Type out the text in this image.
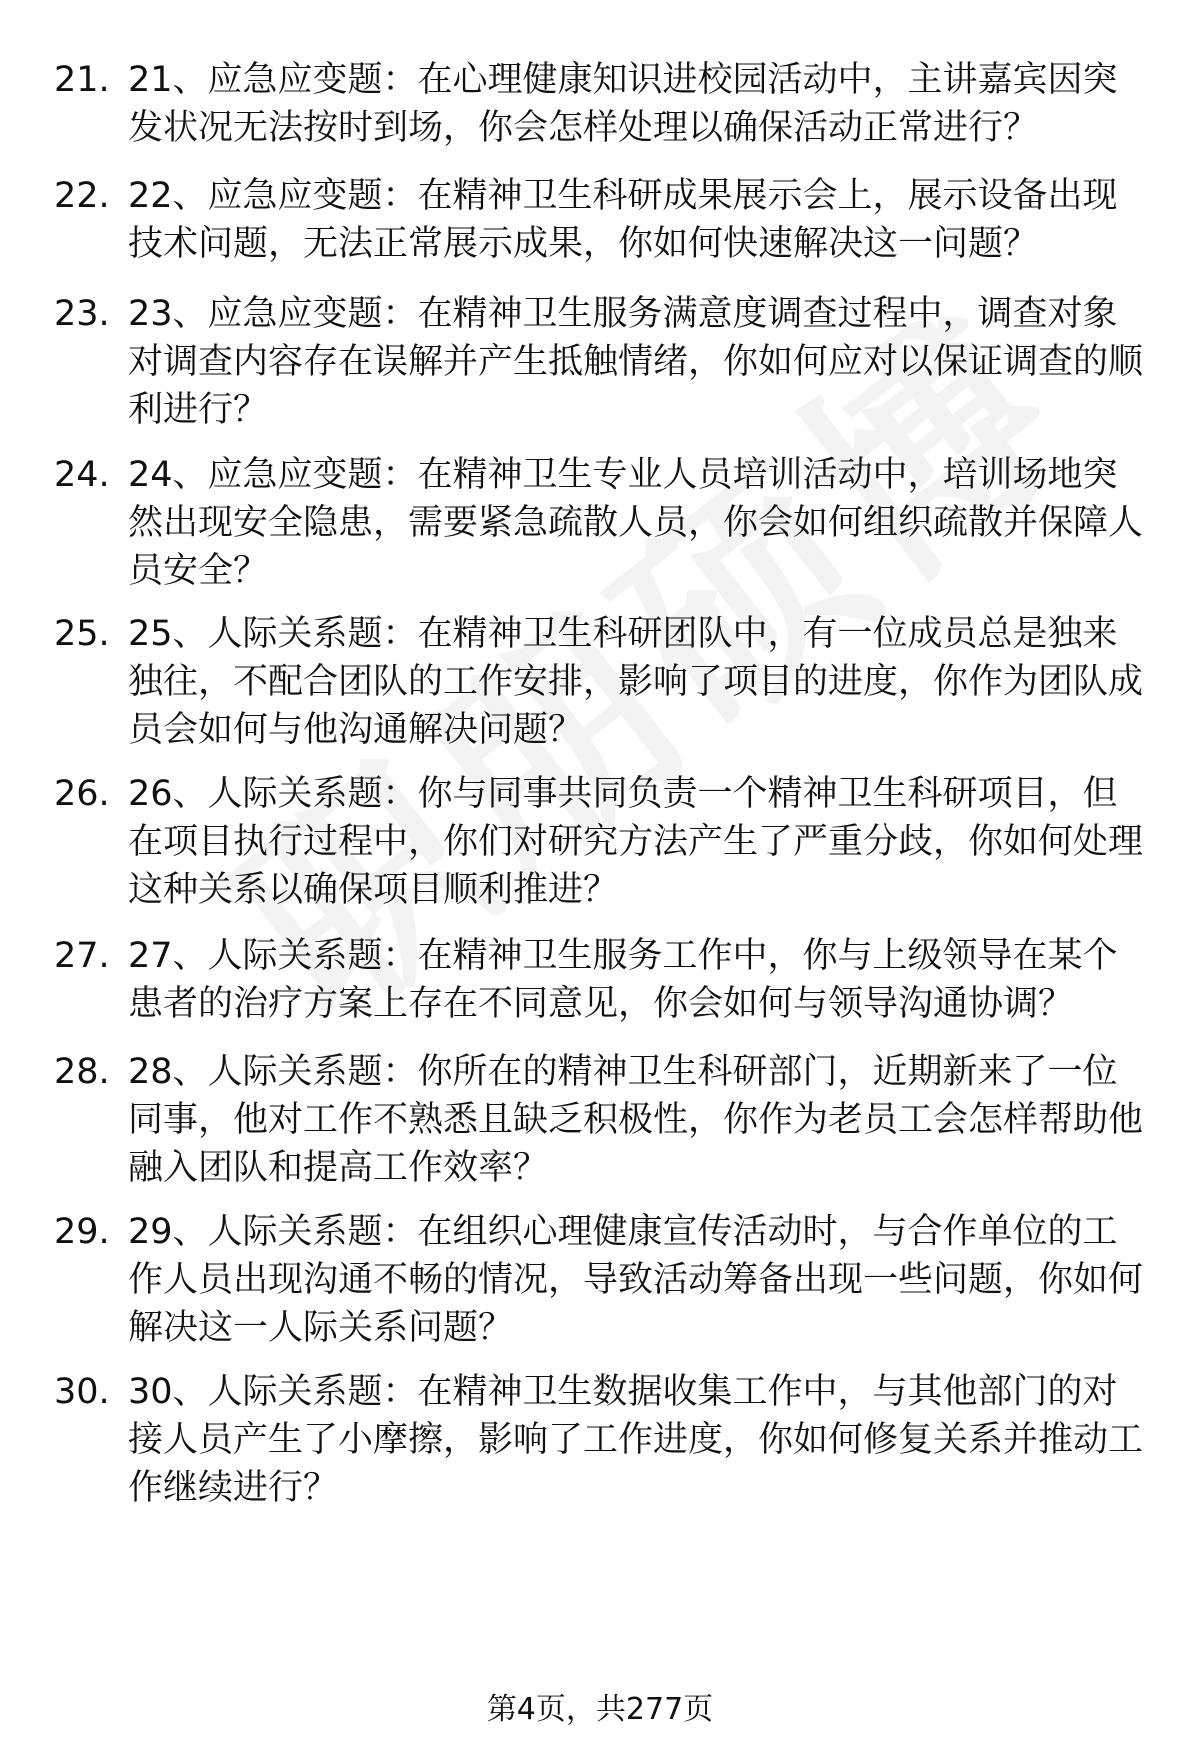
21. 21、应急应变题：在心理健康知识进校园活动中，主讲嘉宾因突发状况无法按时到场，你会怎样处理以确保活动正常进行？
22. 22、应急应变题：在精神卫生科研成果展示会上，展示设备出现技术问题，无法正常展示成果，你如何快速解决这一问题？
23. 23、应急应变题：在精神卫生服务满意度调查过程中，调查对象对调查内容存在误解并产生抵触情绪，你如何应对以保证调查的顺利进行？
24. 24、应急应变题：在精神卫生专业人员培训活动中，培训场地突然出现安全隐患，需要紧急疏散人员，你会如何组织疏散并保障人员安全？
25. 25、人际关系题：在精神卫生科研团队中，有一位成员总是独来独往，不配合团队的工作安排，影响了项目的进度，你作为团队成员会如何与他沟通解决问题？
26. 26、人际关系题：你与同事共同负责一个精神卫生科研项目，但在项目执行过程中，你们对研究方法产生了严重分歧，你如何处理这种关系以确保项目顺利推进？
27. 27、人际关系题：在精神卫生服务工作中，你与上级领导在某个患者的治疗方案上存在不同意见，你会如何与领导沟通协调？
28. 28、人际关系题：你所在的精神卫生科研部门，近期新来了一位同事，他对工作不熟悉且缺乏积极性，你作为老员工会怎样帮助他融入团队和提高工作效率？
29. 29、人际关系题：在组织心理健康宣传活动时，与合作单位的工作人员出现沟通不畅的情况，导致活动筹备出现一些问题，你如何解决这一人际关系问题？
30. 30、人际关系题：在精神卫生数据收集工作中，与其他部门的对接人员产生了小摩擦，影响了工作进度，你如何修复关系并推动工作继续进行？
第4页，共277页
